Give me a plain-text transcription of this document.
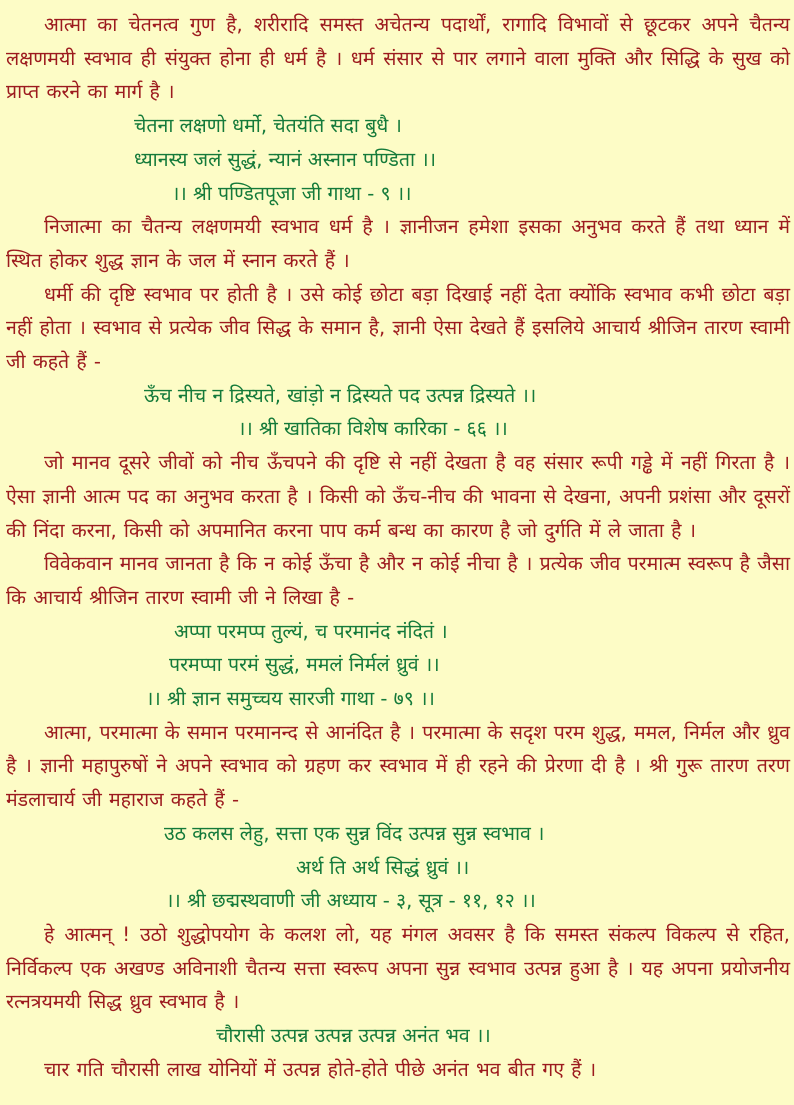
आत्मा का चेतनत्व गुण है, शरीरादि समस्त अचेतन्य पदार्थों, रागादि विभावों से छूटकर अपने चैतन्य लक्षणमयी स्वभाव ही संयुक्त होना ही धर्म है । धर्म संसार से पार लगाने वाला मुक्ति और सिद्धि के सुख को प्राप्त करने का मार्ग है ।

चेतना लक्षणो धर्मो, चेतयंति सदा बुधै ।

ध्यानस्य जलं सुद्धं, न्यानं अस्नान पण्डिता ।।

।। श्री पण्डितपूजा जी गाथा - ९ ।।

निजात्मा का चैतन्य लक्षणमयी स्वभाव धर्म है । ज्ञानीजन हमेशा इसका अनुभव करते हैं तथा ध्यान में स्थित होकर शुद्ध ज्ञान के जल में स्नान करते हैं ।

धर्मी की दृष्टि स्वभाव पर होती है । उसे कोई छोटा बड़ा दिखाई नहीं देता क्योंकि स्वभाव कभी छोटा बड़ा नहीं होता । स्वभाव से प्रत्येक जीव सिद्ध के समान है, ज्ञानी ऐसा देखते हैं इसलिये आचार्य श्रीजिन तारण स्वामी जी कहते हैं -

ऊँच नीच न द्रिस्यते, खांड़ो न द्रिस्यते पद उत्पन्न द्रिस्यते ।।

।। श्री खातिका विशेष कारिका - ६६ ।।

जो मानव दूसरे जीवों को नीच ऊँचपने की दृष्टि से नहीं देखता है वह संसार रूपी गड्ढे में नहीं गिरता है । ऐसा ज्ञानी आत्म पद का अनुभव करता है । किसी को ऊँच-नीच की भावना से देखना, अपनी प्रशंसा और दूसरों की निंदा करना, किसी को अपमानित करना पाप कर्म बन्ध का कारण है जो दुर्गति में ले जाता है ।

विवेकवान मानव जानता है कि न कोई ऊँचा है और न कोई नीचा है । प्रत्येक जीव परमात्म स्वरूप है जैसा कि आचार्य श्रीजिन तारण स्वामी जी ने लिखा है -

अप्पा परमप्प तुल्यं, च परमानंद नंदितं ।

परमप्पा परमं सुद्धं, ममलं निर्मलं ध्रुवं ।।

।। श्री ज्ञान समुच्चय सारजी गाथा - ७९ ।।

आत्मा, परमात्मा के समान परमानन्द से आनंदित है । परमात्मा के सदृश परम शुद्ध, ममल, निर्मल और ध्रुव है । ज्ञानी महापुरुषों ने अपने स्वभाव को ग्रहण कर स्वभाव में ही रहने की प्रेरणा दी है । श्री गुरू तारण तरण मंडलाचार्य जी महाराज कहते हैं -

उठ कलस लेहु, सत्ता एक सुन्न विंद उत्पन्न सुन्न स्वभाव ।

अर्थ ति अर्थ सिद्धं ध्रुवं ।।

।। श्री छद्मस्थवाणी जी अध्याय - ३, सूत्र - ११, १२ ।।

हे आत्मन् ! उठो शुद्धोपयोग के कलश लो, यह मंगल अवसर है कि समस्त संकल्प विकल्प से रहित, निर्विकल्प एक अखण्ड अविनाशी चैतन्य सत्ता स्वरूप अपना सुन्न स्वभाव उत्पन्न हुआ है । यह अपना प्रयोजनीय रत्नत्रयमयी सिद्ध ध्रुव स्वभाव है ।

चौरासी उत्पन्न उत्पन्न उत्पन्न अनंत भव ।।

चार गति चौरासी लाख योनियों में उत्पन्न होते-होते पीछे अनंत भव बीत गए हैं ।
